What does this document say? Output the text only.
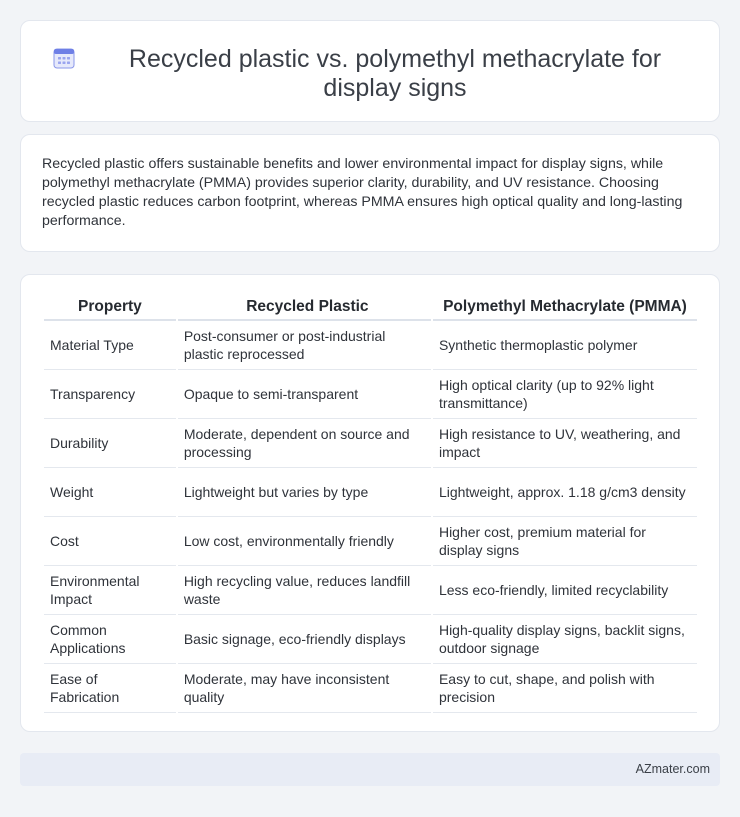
Recycled plastic vs. polymethyl methacrylate for display signs

Recycled plastic offers sustainable benefits and lower environmental impact for display signs, while polymethyl methacrylate (PMMA) provides superior clarity, durability, and UV resistance. Choosing recycled plastic reduces carbon footprint, whereas PMMA ensures high optical quality and long-lasting performance.

Property	Recycled Plastic	Polymethyl Methacrylate (PMMA)
Material Type	Post-consumer or post-industrial plastic reprocessed	Synthetic thermoplastic polymer
Transparency	Opaque to semi-transparent	High optical clarity (up to 92% light transmittance)
Durability	Moderate, dependent on source and processing	High resistance to UV, weathering, and impact
Weight	Lightweight but varies by type	Lightweight, approx. 1.18 g/cm3 density
Cost	Low cost, environmentally friendly	Higher cost, premium material for display signs
Environmental Impact	High recycling value, reduces landfill waste	Less eco-friendly, limited recyclability
Common Applications	Basic signage, eco-friendly displays	High-quality display signs, backlit signs, outdoor signage
Ease of Fabrication	Moderate, may have inconsistent quality	Easy to cut, shape, and polish with precision
AZmater.com
